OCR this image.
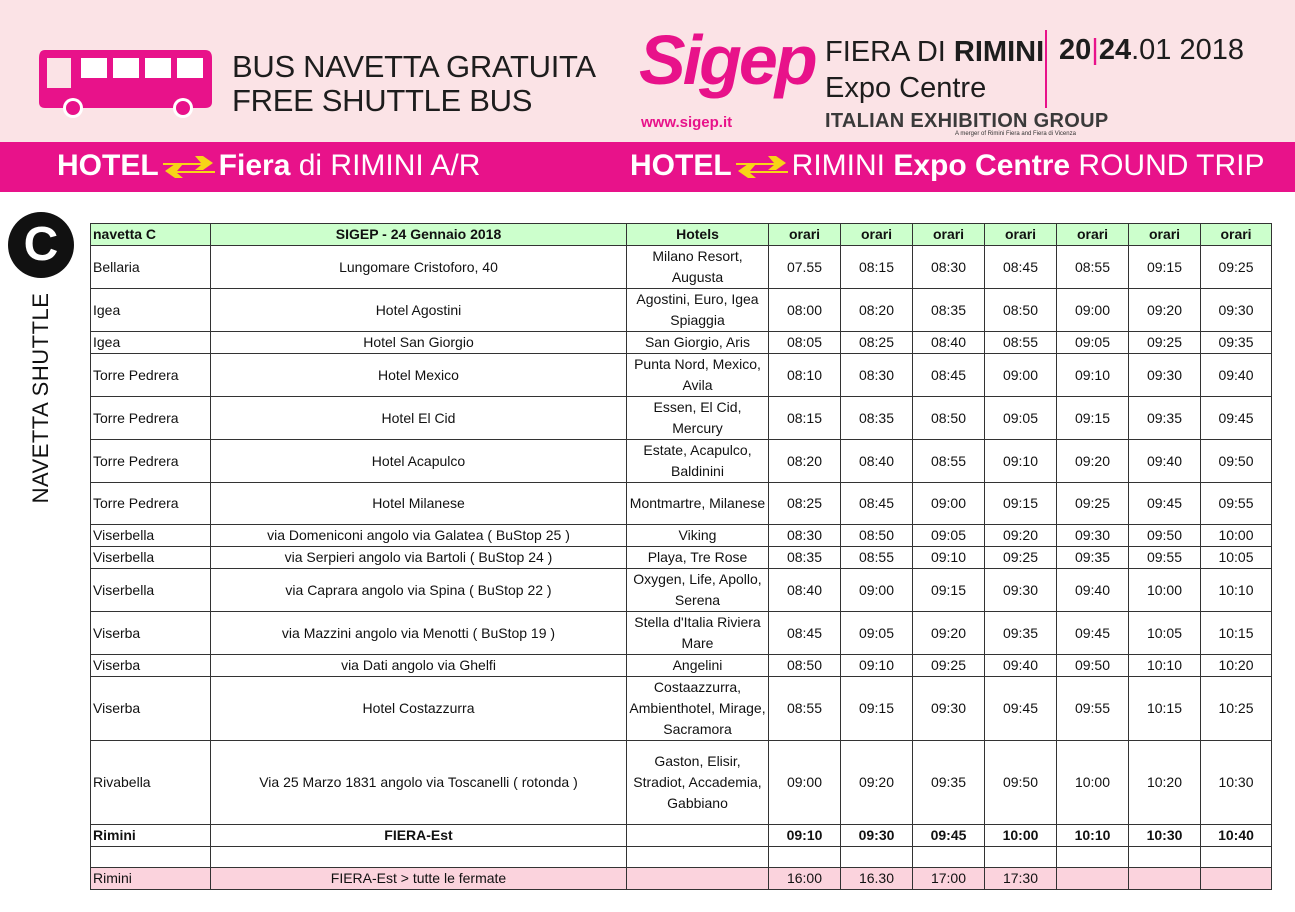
BUS NAVETTA GRATUITA
FREE SHUTTLE BUS
Sigep
www.sigep.it
FIERA DI RIMINI
Expo Centre
20|24.01 2018
ITALIAN EXHIBITION GROUP
A merger of Rimini Fiera and Fiera di Vicenza
HOTEL Fiera di RIMINI A/R	HOTEL RIMINI Expo Centre ROUND TRIP
C
NAVETTA SHUTTLE
navetta C	SIGEP - 24 Gennaio 2018	Hotels	orari	orari	orari	orari	orari	orari	orari
Bellaria	Lungomare Cristoforo, 40	Milano Resort, Augusta	07.55	08:15	08:30	08:45	08:55	09:15	09:25
Igea	Hotel Agostini	Agostini, Euro, Igea Spiaggia	08:00	08:20	08:35	08:50	09:00	09:20	09:30
Igea	Hotel San Giorgio	San Giorgio, Aris	08:05	08:25	08:40	08:55	09:05	09:25	09:35
Torre Pedrera	Hotel Mexico	Punta Nord, Mexico, Avila	08:10	08:30	08:45	09:00	09:10	09:30	09:40
Torre Pedrera	Hotel El Cid	Essen, El Cid, Mercury	08:15	08:35	08:50	09:05	09:15	09:35	09:45
Torre Pedrera	Hotel Acapulco	Estate, Acapulco, Baldinini	08:20	08:40	08:55	09:10	09:20	09:40	09:50
Torre Pedrera	Hotel Milanese	Montmartre, Milanese	08:25	08:45	09:00	09:15	09:25	09:45	09:55
Viserbella	via Domeniconi angolo via Galatea ( BuStop 25 )	Viking	08:30	08:50	09:05	09:20	09:30	09:50	10:00
Viserbella	via Serpieri angolo via Bartoli ( BuStop 24 )	Playa, Tre Rose	08:35	08:55	09:10	09:25	09:35	09:55	10:05
Viserbella	via Caprara angolo via Spina ( BuStop 22 )	Oxygen, Life, Apollo, Serena	08:40	09:00	09:15	09:30	09:40	10:00	10:10
Viserba	via Mazzini angolo via Menotti ( BuStop 19 )	Stella d'Italia Riviera Mare	08:45	09:05	09:20	09:35	09:45	10:05	10:15
Viserba	via Dati angolo via Ghelfi	Angelini	08:50	09:10	09:25	09:40	09:50	10:10	10:20
Viserba	Hotel Costazzurra	Costaazzurra, Ambienthotel, Mirage, Sacramora	08:55	09:15	09:30	09:45	09:55	10:15	10:25
Rivabella	Via 25 Marzo 1831 angolo via Toscanelli ( rotonda )	Gaston, Elisir, Stradiot, Accademia, Gabbiano	09:00	09:20	09:35	09:50	10:00	10:20	10:30
Rimini	FIERA-Est		09:10	09:30	09:45	10:00	10:10	10:30	10:40

Rimini	FIERA-Est > tutte le fermate		16:00	16.30	17:00	17:30			
